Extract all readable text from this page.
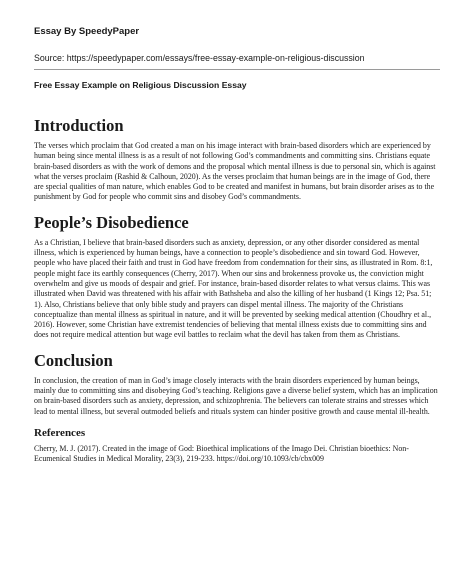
Essay By SpeedyPaper
Source: https://speedypaper.com/essays/free-essay-example-on-religious-discussion
Free Essay Example on Religious Discussion Essay
Introduction

The verses which proclaim that God created a man on his image interact with brain-based disorders which are experienced by human being since mental illness is as a result of not following God’s commandments and committing sins. Christians equate brain-based disorders as with the work of demons and the proposal which mental illness is due to personal sin, which is against what the verses proclaim (Rashid & Calhoun, 2020). As the verses proclaim that human beings are in the image of God, there are special qualities of man nature, which enables God to be created and manifest in humans, but brain disorder arises as to the punishment by God for people who commit sins and disobey God’s commandments.

People’s Disobedience

As a Christian, I believe that brain-based disorders such as anxiety, depression, or any other disorder considered as mental illness, which is experienced by human beings, have a connection to people’s disobedience and sin toward God. However, people who have placed their faith and trust in God have freedom from condemnation for their sins, as illustrated in Rom. 8:1, people might face its earthly consequences (Cherry, 2017). When our sins and brokenness provoke us, the conviction might overwhelm and give us moods of despair and grief. For instance, brain-based disorder relates to what versus claims. This was illustrated when David was threatened with his affair with Bathsheba and also the killing of her husband (1 Kings 12; Psa. 51; 1). Also, Christians believe that only bible study and prayers can dispel mental illness. The majority of the Christians conceptualize than mental illness as spiritual in nature, and it will be prevented by seeking medical attention (Choudhry et al., 2016). However, some Christian have extremist tendencies of believing that mental illness exists due to committing sins and does not require medical attention but wage evil battles to reclaim what the devil has taken from them as Christians.

Conclusion

In conclusion, the creation of man in God’s image closely interacts with the brain disorders experienced by human beings, mainly due to committing sins and disobeying God’s teaching. Religions gave a diverse belief system, which has an implication on brain-based disorders such as anxiety, depression, and schizophrenia. The believers can tolerate strains and stresses which lead to mental illness, but several outmoded beliefs and rituals system can hinder positive growth and cause mental ill-health.

References

Cherry, M. J. (2017). Created in the image of God: Bioethical implications of the Imago Dei. Christian bioethics: Non-Ecumenical Studies in Medical Morality, 23(3), 219-233. https://doi.org/10.1093/cb/cbx009
